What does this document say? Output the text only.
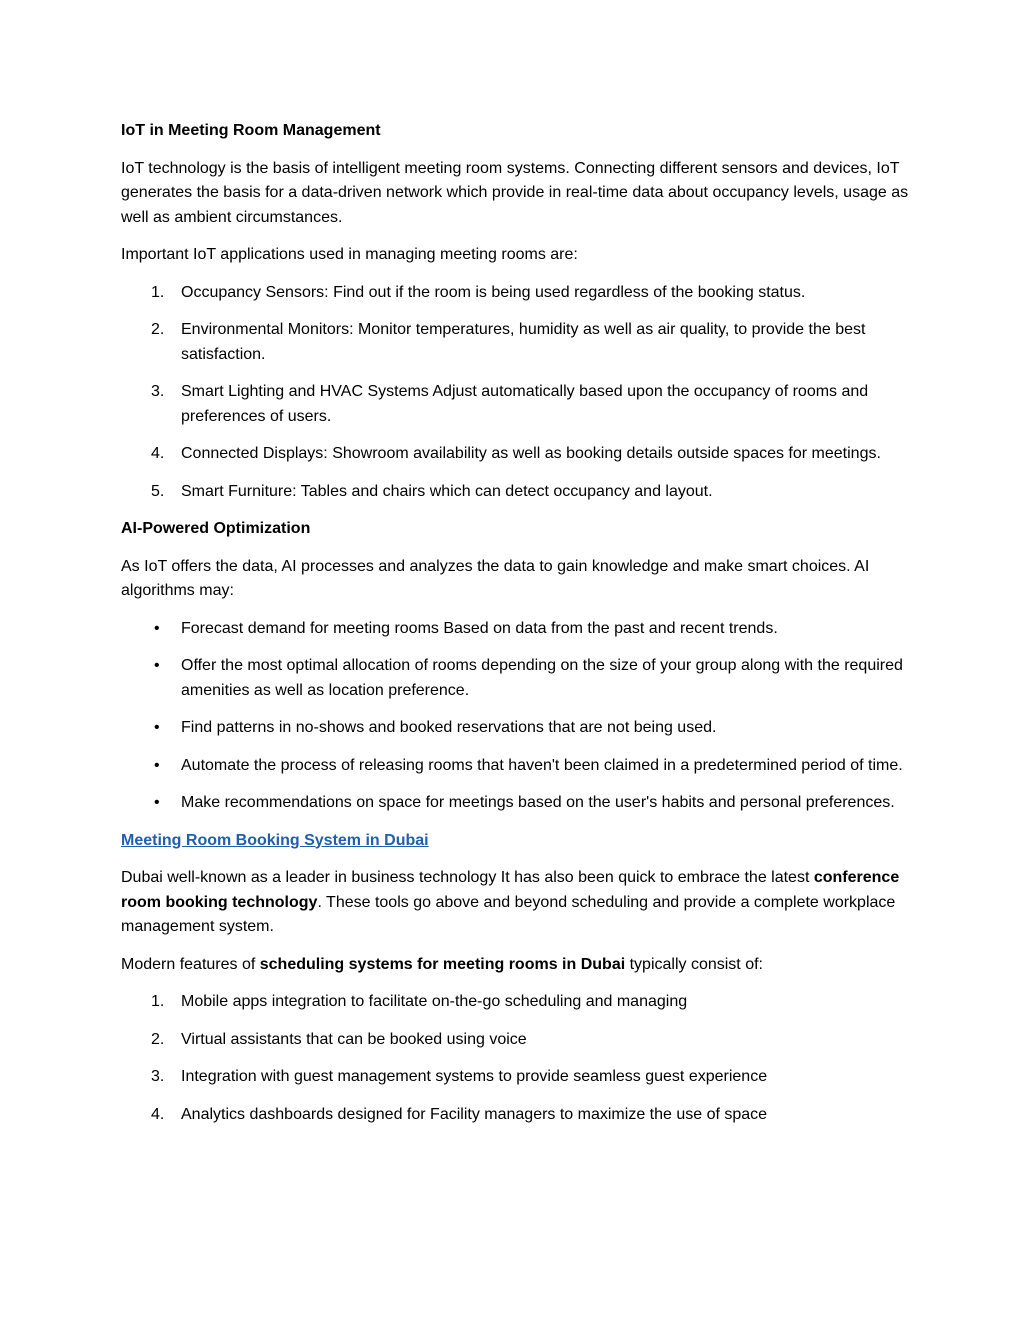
IoT in Meeting Room Management
IoT technology is the basis of intelligent meeting room systems. Connecting different sensors and devices, IoT generates the basis for a data-driven network which provide in real-time data about occupancy levels, usage as well as ambient circumstances.
Important IoT applications used in managing meeting rooms are:
1. Occupancy Sensors: Find out if the room is being used regardless of the booking status.
2. Environmental Monitors: Monitor temperatures, humidity as well as air quality, to provide the best satisfaction.
3. Smart Lighting and HVAC Systems Adjust automatically based upon the occupancy of rooms and preferences of users.
4. Connected Displays: Showroom availability as well as booking details outside spaces for meetings.
5. Smart Furniture: Tables and chairs which can detect occupancy and layout.
AI-Powered Optimization
As IoT offers the data, AI processes and analyzes the data to gain knowledge and make smart choices. AI algorithms may:
• Forecast demand for meeting rooms Based on data from the past and recent trends.
• Offer the most optimal allocation of rooms depending on the size of your group along with the required amenities as well as location preference.
• Find patterns in no-shows and booked reservations that are not being used.
• Automate the process of releasing rooms that haven't been claimed in a predetermined period of time.
• Make recommendations on space for meetings based on the user's habits and personal preferences.
Meeting Room Booking System in Dubai
Dubai well-known as a leader in business technology It has also been quick to embrace the latest conference room booking technology. These tools go above and beyond scheduling and provide a complete workplace management system.
Modern features of scheduling systems for meeting rooms in Dubai typically consist of:
1. Mobile apps integration to facilitate on-the-go scheduling and managing
2. Virtual assistants that can be booked using voice
3. Integration with guest management systems to provide seamless guest experience
4. Analytics dashboards designed for Facility managers to maximize the use of space
